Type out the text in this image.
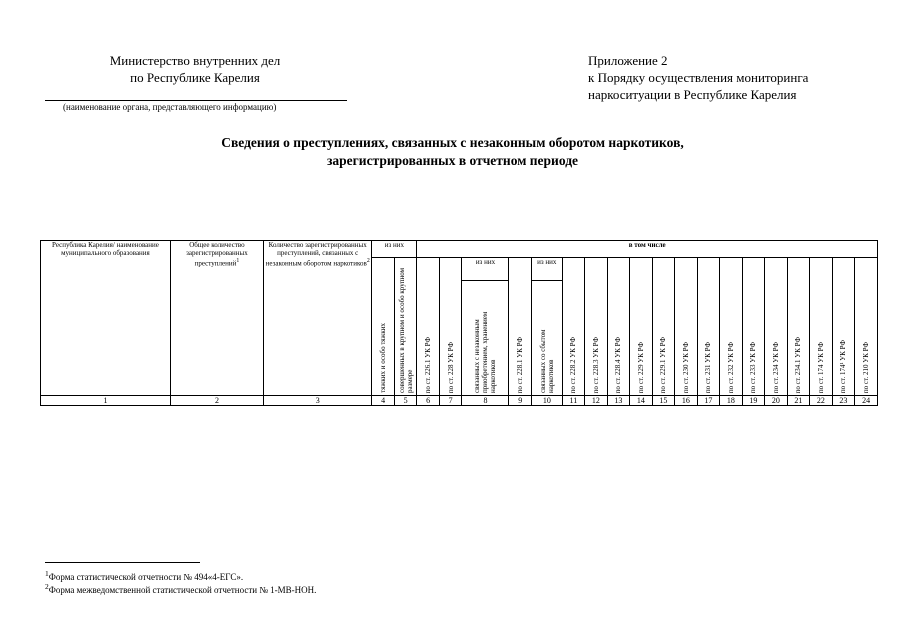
Министерство внутренних дел
по Республике Карелия
(наименование органа, представляющего информацию)
Приложение 2
к Порядку осуществления мониторинга
наркоситуации в Республике Карелия
Сведения о преступлениях, связанных с незаконным оборотом наркотиков,
зарегистрированных в отчетном периоде
Республика Карелия/ наименование муниципального образования	Общее количество зарегистрированных преступлений$^1$	Количество зарегистрированных преступлений, связанных с незаконным оборотом наркотиков$^2$	из них		в том числе																		
			тяжких и особо тяжких	совершенных в крупном и особо крупном размере	по ст. 226.1 УК РФ	по ст. 228 УК РФ	из них	по ст. 228.1 УК РФ	из них	по ст. 228.2 УК РФ	по ст. 228.3 УК РФ	по ст. 228.4 УК РФ	по ст. 229 УК РФ	по ст. 229.1 УК РФ	по ст. 230 УК РФ	по ст. 231 УК РФ	по ст. 232 УК РФ	по ст. 233 УК РФ	по ст. 234 УК РФ	по ст. 234.1 УК РФ	по ст. 174 УК РФ	по ст. 174¹ УК РФ	по ст. 210 УК РФ
							связанных с незаконным приобретением, хранением наркотиков		связанных со сбытом наркотиков														
1	2	3	4	5	6	7	8	9	10	11	12	13	14	15	16	17	18	19	20	21	22	23	24
$^1$Форма статистической отчетности № 494«4-ЕГС».
$^2$Форма межведомственной статистической отчетности № 1-МВ-НОН.
